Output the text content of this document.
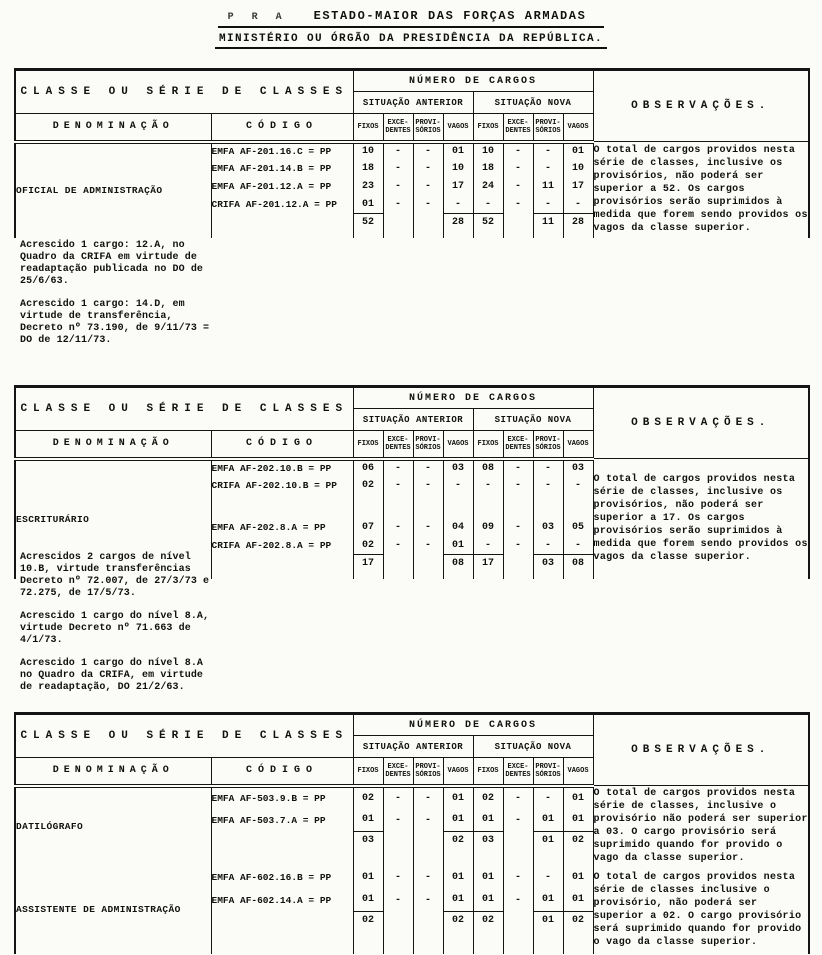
P R A ESTADO-MAIOR DAS FORÇAS ARMADAS
MINISTÉRIO OU ÓRGÃO DA PRESIDÊNCIA DA REPÚBLICA.
CLASSE OU SÉRIE DE CLASSES		NÚMERO DE CARGOS								OBSERVAÇÕES.
		SITUAÇÃO ANTERIOR				SITUAÇÃO NOVA				
DENOMINAÇÃO	CÓDIGO	FIXOS	EXCE-DENTES	PROVI-SÓRIOS	VAGOS	FIXOS	EXCE-DENTES	PROVI-SÓRIOS	VAGOS	
OFICIAL DE ADMINISTRAÇÃO	EMFA AF-201.16.C = PP	10	-	-	01	10	-	-	01	O total de cargos providos nesta série de classes, inclusive os provisórios, não poderá ser superior a 52. Os cargos provisórios serão suprimidos à medida que forem sendo providos os vagos da classe superior.
	EMFA AF-201.14.B = PP	18	-	-	10	18	-	-	10	
	EMFA AF-201.12.A = PP	23	-	-	17	24	-	11	17	
	CRIFA AF-201.12.A = PP	01	-	-	-	-	-	-	-	
		52			28	52		11	28	

Acrescido 1 cargo: 12.A, no Quadro da CRIFA em virtude de readaptação publicada no DO de 25/6/63.

Acrescido 1 cargo: 14.D, em virtude de transferência, Decreto nº 73.190, de 9/11/73 = DO de 12/11/73.

CLASSE OU SÉRIE DE CLASSES		NÚMERO DE CARGOS								OBSERVAÇÕES.
		SITUAÇÃO ANTERIOR				SITUAÇÃO NOVA				
DENOMINAÇÃO	CÓDIGO	FIXOS	EXCE-DENTES	PROVI-SÓRIOS	VAGOS	FIXOS	EXCE-DENTES	PROVI-SÓRIOS	VAGOS	
ESCRITURÁRIO	EMFA AF-202.10.B = PP	06	-	-	03	08	-	-	03	O total de cargos providos nesta série de classes, inclusive os provisórios, não poderá ser superior a 17. Os cargos provisórios serão suprimidos à medida que forem sendo providos os vagos da classe superior.
	CRIFA AF-202.10.B = PP	02	-	-	-	-	-	-	-	

	EMFA AF-202.8.A = PP	07	-	-	04	09	-	03	05	
	CRIFA AF-202.8.A = PP	02	-	-	01	-	-	-	-	
		17			08	17		03	08	

Acrescidos 2 cargos de nível 10.B, virtude transferências Decreto nº 72.007, de 27/3/73 e 72.275, de 17/5/73.

Acrescido 1 cargo do nível 8.A, virtude Decreto nº 71.663 de 4/1/73.

Acrescido 1 cargo do nível 8.A no Quadro da CRIFA, em virtude de readaptação, DO 21/2/63.

CLASSE OU SÉRIE DE CLASSES		NÚMERO DE CARGOS								OBSERVAÇÕES.
		SITUAÇÃO ANTERIOR				SITUAÇÃO NOVA				
DENOMINAÇÃO	CÓDIGO	FIXOS	EXCE-DENTES	PROVI-SÓRIOS	VAGOS	FIXOS	EXCE-DENTES	PROVI-SÓRIOS	VAGOS	
DATILÓGRAFO	EMFA AF-503.9.B = PP	02	-	-	01	02	-	-	01	O total de cargos providos nesta série de classes, inclusive o provisório não poderá ser superior a 03. O cargo provisório será suprimido quando for provido o vago da classe superior.
	EMFA AF-503.7.A = PP	01	-	-	01	01	-	01	01	
		03			02	03		01	02	

ASSISTENTE DE ADMINISTRAÇÃO	EMFA AF-602.16.B = PP	01	-	-	01	01	-	-	01	O total de cargos providos nesta série de classes inclusive o provisório, não poderá ser superior a 02. O cargo provisório será suprimido quando for provido o vago da classe superior.
	EMFA AF-602.14.A = PP	01	-	-	01	01	-	01	01	
		02			02	02		01	02	
